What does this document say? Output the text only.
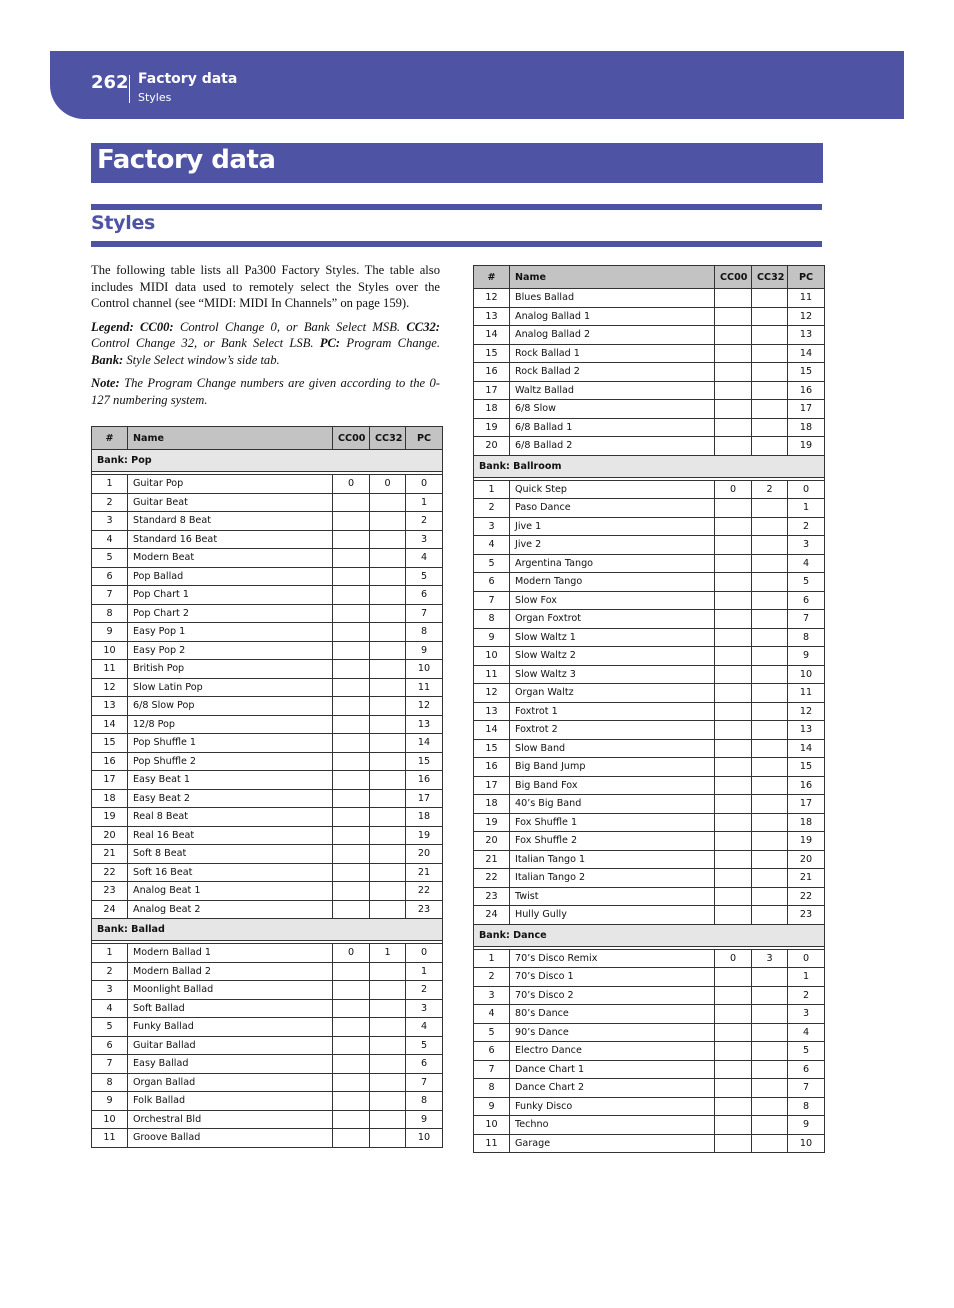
262 Factory data
Styles
Factory data
Styles

The following table lists all Pa300 Factory Styles. The table also includes MIDI data used to remotely select the Styles over the Control channel (see “MIDI: MIDI In Channels” on page 159).

Legend: CC00: Control Change 0, or Bank Select MSB. CC32: Control Change 32, or Bank Select LSB. PC: Program Change. Bank: Style Select window’s side tab.

Note: The Program Change numbers are given according to the 0-127 numbering system.

#	Name	CC00	CC32	PC
Bank: Pop				

1	Guitar Pop	0	0	0
2	Guitar Beat			1
3	Standard 8 Beat			2
4	Standard 16 Beat			3
5	Modern Beat			4
6	Pop Ballad			5
7	Pop Chart 1			6
8	Pop Chart 2			7
9	Easy Pop 1			8
10	Easy Pop 2			9
11	British Pop			10
12	Slow Latin Pop			11
13	6/8 Slow Pop			12
14	12/8 Pop			13
15	Pop Shuffle 1			14
16	Pop Shuffle 2			15
17	Easy Beat 1			16
18	Easy Beat 2			17
19	Real 8 Beat			18
20	Real 16 Beat			19
21	Soft 8 Beat			20
22	Soft 16 Beat			21
23	Analog Beat 1			22
24	Analog Beat 2			23
Bank: Ballad				

1	Modern Ballad 1	0	1	0
2	Modern Ballad 2			1
3	Moonlight Ballad			2
4	Soft Ballad			3
5	Funky Ballad			4
6	Guitar Ballad			5
7	Easy Ballad			6
8	Organ Ballad			7
9	Folk Ballad			8
10	Orchestral Bld			9
11	Groove Ballad			10
#	Name	CC00	CC32	PC
12	Blues Ballad			11
13	Analog Ballad 1			12
14	Analog Ballad 2			13
15	Rock Ballad 1			14
16	Rock Ballad 2			15
17	Waltz Ballad			16
18	6/8 Slow			17
19	6/8 Ballad 1			18
20	6/8 Ballad 2			19
Bank: Ballroom				

1	Quick Step	0	2	0
2	Paso Dance			1
3	Jive 1			2
4	Jive 2			3
5	Argentina Tango			4
6	Modern Tango			5
7	Slow Fox			6
8	Organ Foxtrot			7
9	Slow Waltz 1			8
10	Slow Waltz 2			9
11	Slow Waltz 3			10
12	Organ Waltz			11
13	Foxtrot 1			12
14	Foxtrot 2			13
15	Slow Band			14
16	Big Band Jump			15
17	Big Band Fox			16
18	40’s Big Band			17
19	Fox Shuffle 1			18
20	Fox Shuffle 2			19
21	Italian Tango 1			20
22	Italian Tango 2			21
23	Twist			22
24	Hully Gully			23
Bank: Dance				

1	70’s Disco Remix	0	3	0
2	70’s Disco 1			1
3	70’s Disco 2			2
4	80’s Dance			3
5	90’s Dance			4
6	Electro Dance			5
7	Dance Chart 1			6
8	Dance Chart 2			7
9	Funky Disco			8
10	Techno			9
11	Garage			10
